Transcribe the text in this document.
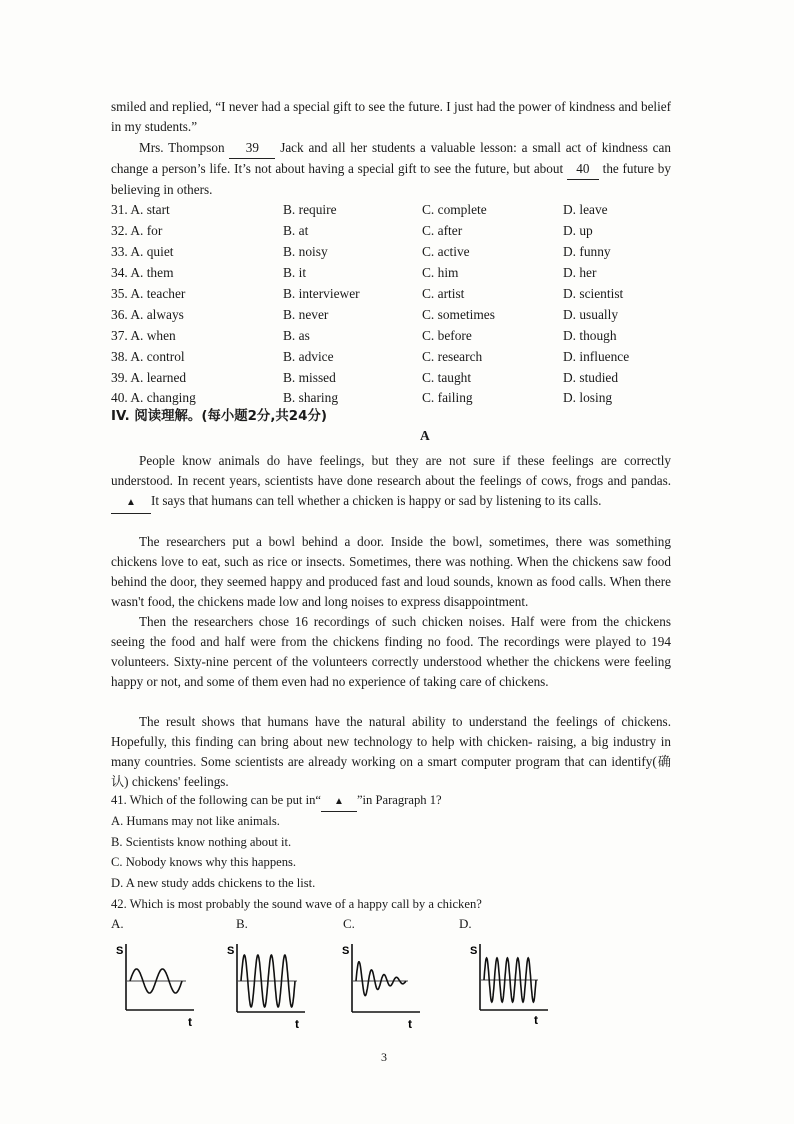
smiled and replied, “I never had a special gift to see the future. I just had the power of kindness and belief in my students.”

Mrs. Thompson 39 Jack and all her students a valuable lesson: a small act of kindness can change a person’s life. It’s not about having a special gift to see the future, but about 40 the future by believing in others.

31. A. start	B. require	C. complete	D. leave
32. A. for	B. at	C. after	D. up
33. A. quiet	B. noisy	C. active	D. funny
34. A. them	B. it	C. him	D. her
35. A. teacher	B. interviewer	C. artist	D. scientist
36. A. always	B. never	C. sometimes	D. usually
37. A. when	B. as	C. before	D. though
38. A. control	B. advice	C. research	D. influence
39. A. learned	B. missed	C. taught	D. studied
40. A. changing	B. sharing	C. failing	D. losing
IV. 阅读理解。(每小题2分,共24分)
A

People know animals do have feelings, but they are not sure if these feelings are correctly understood. In recent years, scientists have done research about the feelings of cows, frogs and pandas.▲ It says that humans can tell whether a chicken is happy or sad by listening to its calls.

The researchers put a bowl behind a door. Inside the bowl, sometimes, there was something chickens love to eat, such as rice or insects. Sometimes, there was nothing. When the chickens saw food behind the door, they seemed happy and produced fast and loud sounds, known as food calls. When there wasn't food, the chickens made low and long noises to express disappointment.

Then the researchers chose 16 recordings of such chicken noises. Half were from the chickens seeing the food and half were from the chickens finding no food. The recordings were played to 194 volunteers. Sixty-nine percent of the volunteers correctly understood whether the chickens were feeling happy or not, and some of them even had no experience of taking care of chickens.

The result shows that humans have the natural ability to understand the feelings of chickens. Hopefully, this finding can bring about new technology to help with chicken- raising, a big industry in many countries. Some scientists are already working on a smart computer program that can identify(确认) chickens' feelings.

41. Which of the following can be put in“ ▲ ”in Paragraph 1?
A. Humans may not like animals.
B. Scientists know nothing about it.
C. Nobody knows why this happens.
D. A new study adds chickens to the list.
42. Which is most probably the sound wave of a happy call by a chicken?
A.	B.	C.	D.
S
t
S
t
S
t
S
t
3
